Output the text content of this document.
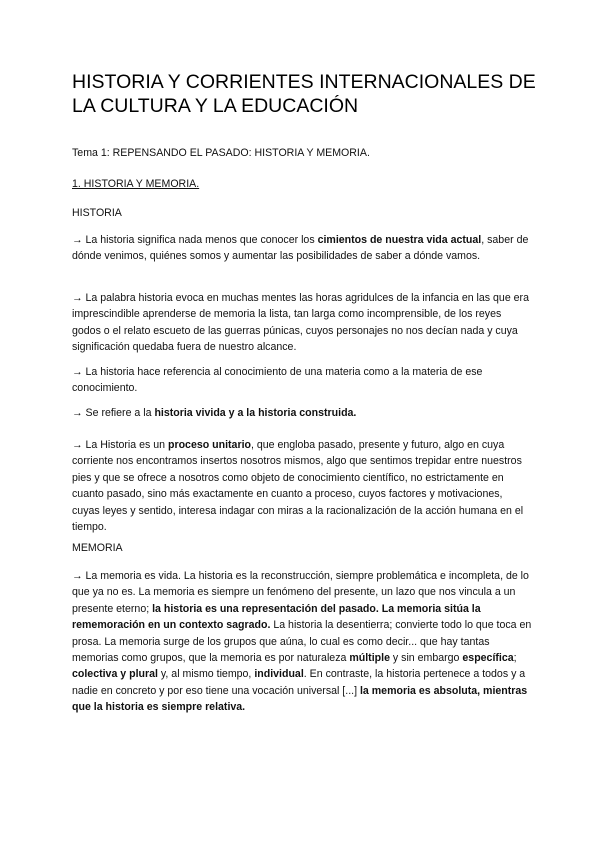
HISTORIA Y CORRIENTES INTERNACIONALES DE LA CULTURA Y LA EDUCACIÓN

Tema 1: REPENSANDO EL PASADO: HISTORIA Y MEMORIA.

1. HISTORIA Y MEMORIA.

HISTORIA

→ La historia significa nada menos que conocer los cimientos de nuestra vida actual, saber de dónde venimos, quiénes somos y aumentar las posibilidades de saber a dónde vamos.

→ La palabra historia evoca en muchas mentes las horas agridulces de la infancia en las que era imprescindible aprenderse de memoria la lista, tan larga como incomprensible, de los reyes godos o el relato escueto de las guerras púnicas, cuyos personajes no nos decían nada y cuya significación quedaba fuera de nuestro alcance.

→ La historia hace referencia al conocimiento de una materia como a la materia de ese conocimiento.

→ Se refiere a la historia vivida y a la historia construida.

→ La Historia es un proceso unitario, que engloba pasado, presente y futuro, algo en cuya corriente nos encontramos insertos nosotros mismos, algo que sentimos trepidar entre nuestros pies y que se ofrece a nosotros como objeto de conocimiento científico, no estrictamente en cuanto pasado, sino más exactamente en cuanto a proceso, cuyos factores y motivaciones, cuyas leyes y sentido, interesa indagar con miras a la racionalización de la acción humana en el tiempo.

MEMORIA

→ La memoria es vida. La historia es la reconstrucción, siempre problemática e incompleta, de lo que ya no es. La memoria es siempre un fenómeno del presente, un lazo que nos vincula a un presente eterno; la historia es una representación del pasado. La memoria sitúa la rememoración en un contexto sagrado. La historia la desentierra; convierte todo lo que toca en prosa. La memoria surge de los grupos que aúna, lo cual es como decir... que hay tantas memorias como grupos, que la memoria es por naturaleza múltiple y sin embargo específica; colectiva y plural y, al mismo tiempo, individual. En contraste, la historia pertenece a todos y a nadie en concreto y por eso tiene una vocación universal [...] la memoria es absoluta, mientras que la historia es siempre relativa.
